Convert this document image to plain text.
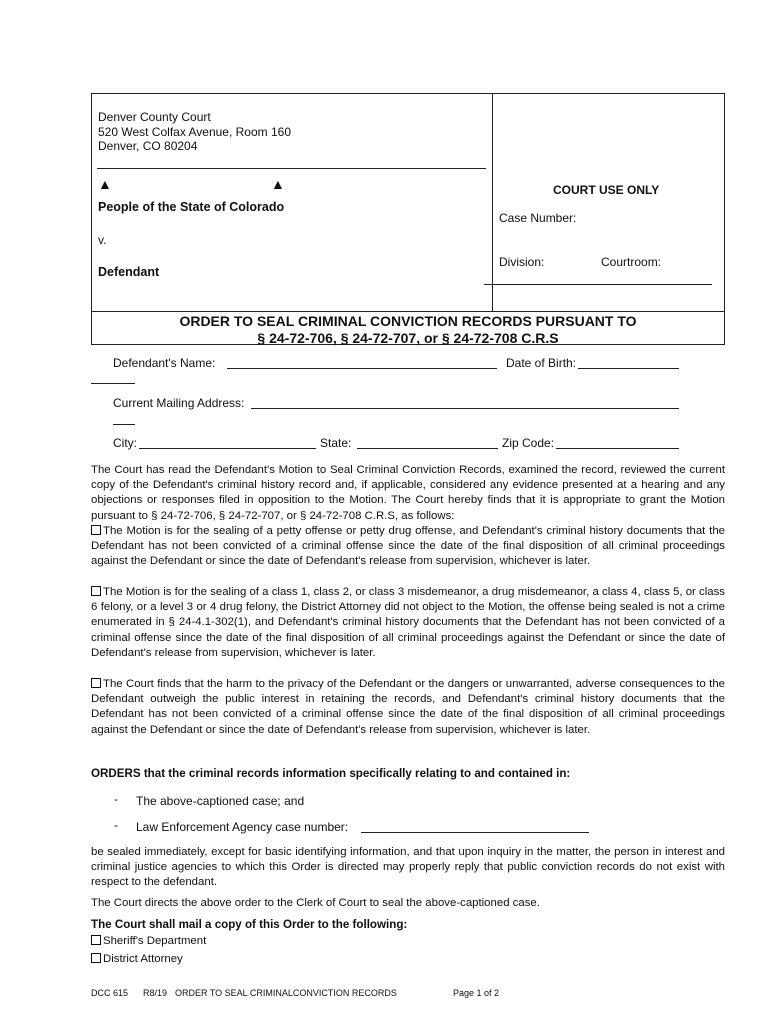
Denver County Court
520 West Colfax Avenue, Room 160
Denver, CO 80204
▲	▲
People of the State of Colorado
v.
Defendant
COURT USE ONLY
Case Number:
Division:	Courtroom:
ORDER TO SEAL CRIMINAL CONVICTION RECORDS PURSUANT TO
§ 24-72-706, § 24-72-707, or § 24-72-708 C.R.S
Defendant's Name:	Date of Birth:
Current Mailing Address:
City:	State:	Zip Code:
The Court has read the Defendant's Motion to Seal Criminal Conviction Records, examined the record, reviewed the current copy of the Defendant's criminal history record and, if applicable, considered any evidence presented at a hearing and any objections or responses filed in opposition to the Motion. The Court hereby finds that it is appropriate to grant the Motion pursuant to § 24-72-706, § 24-72-707, or § 24-72-708 C.R.S, as follows:
The Motion is for the sealing of a petty offense or petty drug offense, and Defendant's criminal history documents that the Defendant has not been convicted of a criminal offense since the date of the final disposition of all criminal proceedings against the Defendant or since the date of Defendant's release from supervision, whichever is later.
The Motion is for the sealing of a class 1, class 2, or class 3 misdemeanor, a drug misdemeanor, a class 4, class 5, or class 6 felony, or a level 3 or 4 drug felony, the District Attorney did not object to the Motion, the offense being sealed is not a crime enumerated in § 24-4.1-302(1), and Defendant's criminal history documents that the Defendant has not been convicted of a criminal offense since the date of the final disposition of all criminal proceedings against the Defendant or since the date of Defendant's release from supervision, whichever is later.
The Court finds that the harm to the privacy of the Defendant or the dangers or unwarranted, adverse consequences to the Defendant outweigh the public interest in retaining the records, and Defendant's criminal history documents that the Defendant has not been convicted of a criminal offense since the date of the final disposition of all criminal proceedings against the Defendant or since the date of Defendant's release from supervision, whichever is later.
ORDERS that the criminal records information specifically relating to and contained in:
- The above-captioned case; and
- Law Enforcement Agency case number:
be sealed immediately, except for basic identifying information, and that upon inquiry in the matter, the person in interest and criminal justice agencies to which this Order is directed may properly reply that public conviction records do not exist with respect to the defendant.
The Court directs the above order to the Clerk of Court to seal the above-captioned case.
The Court shall mail a copy of this Order to the following:
Sheriff's Department
District Attorney
DCC 615 R8/19 ORDER TO SEAL CRIMINALCONVICTION RECORDS	Page 1 of 2
